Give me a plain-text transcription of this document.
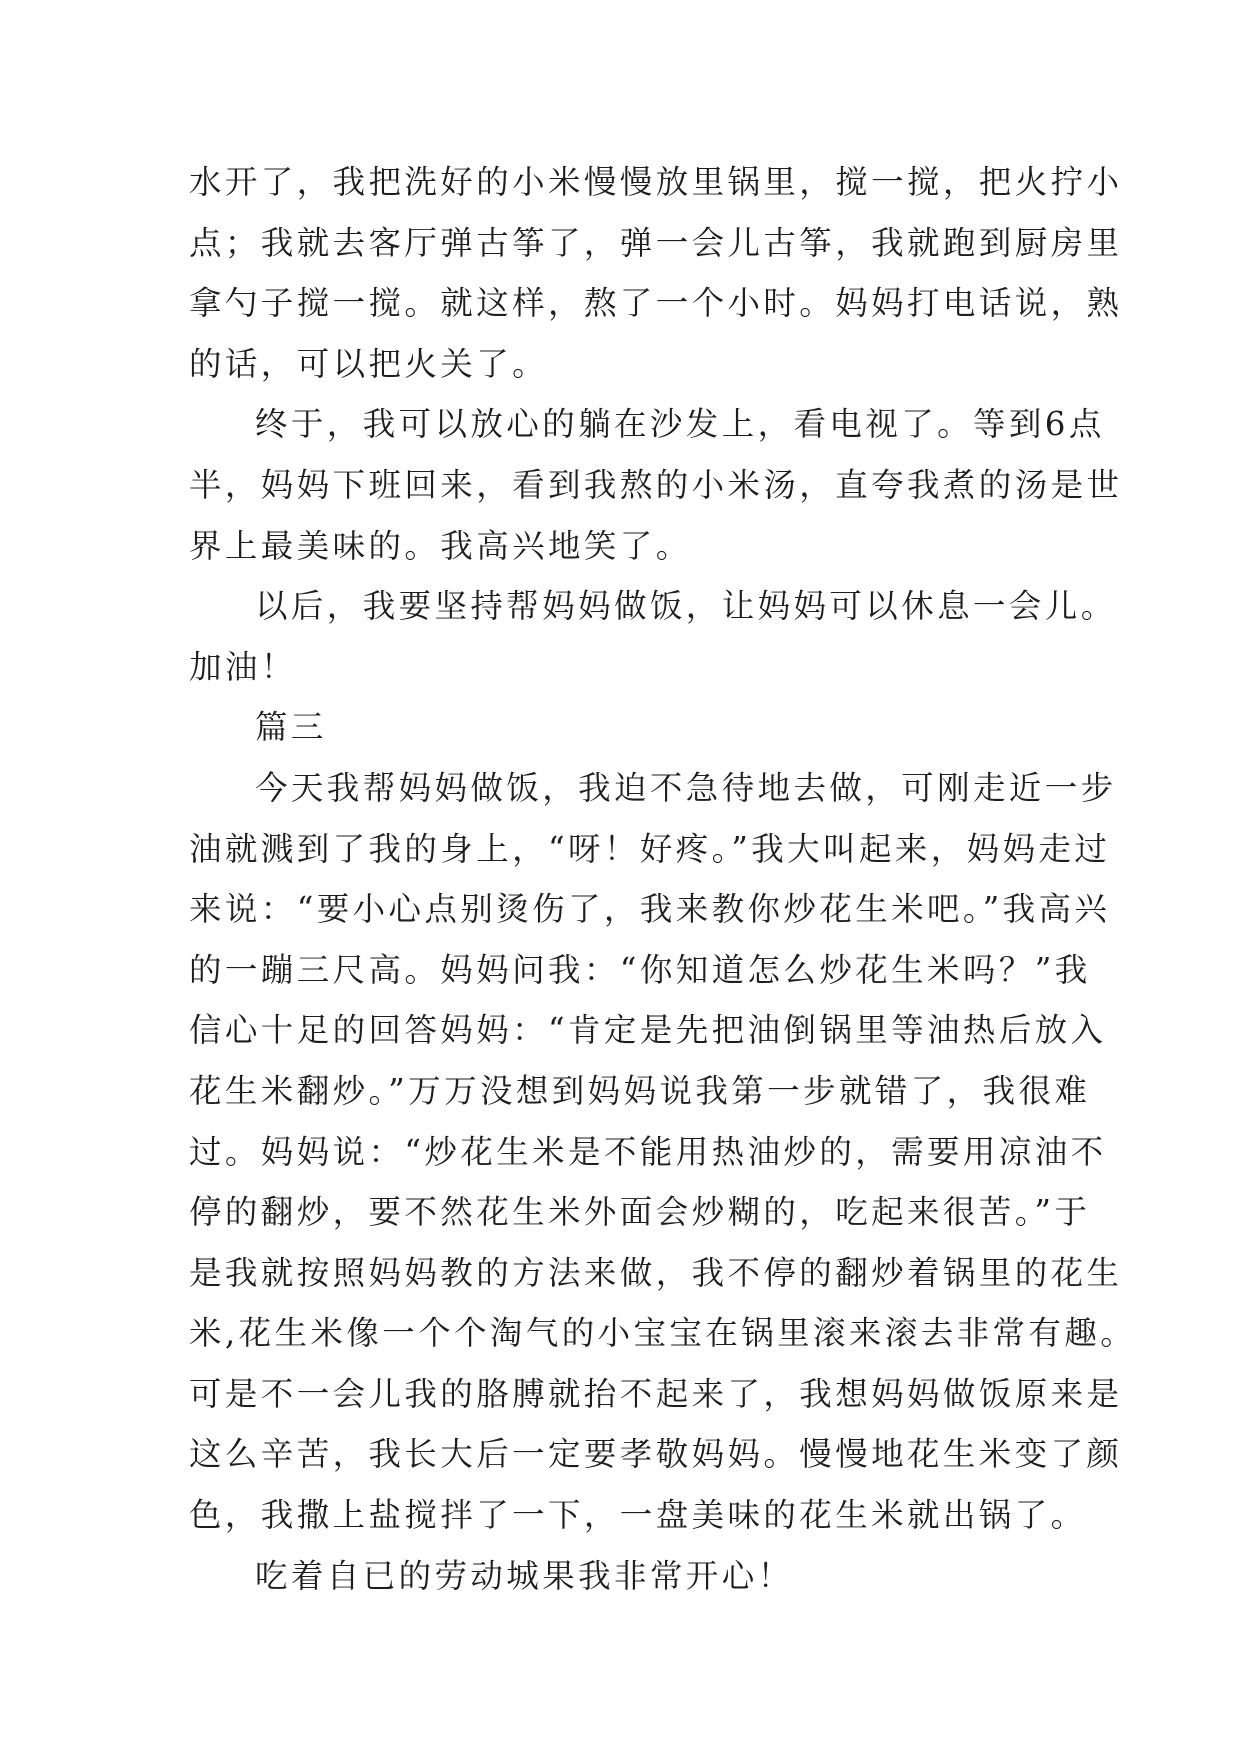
水开了，我把洗好的小米慢慢放里锅里，搅一搅，把火拧小
点；我就去客厅弹古筝了，弹一会儿古筝，我就跑到厨房里
拿勺子搅一搅。就这样，熬了一个小时。妈妈打电话说，熟
的话，可以把火关了。
终于，我可以放心的躺在沙发上，看电视了。等到6点
半，妈妈下班回来，看到我熬的小米汤，直夸我煮的汤是世
界上最美味的。我高兴地笑了。
以后，我要坚持帮妈妈做饭，让妈妈可以休息一会儿。
加油！
篇三
今天我帮妈妈做饭，我迫不急待地去做，可刚走近一步
油就溅到了我的身上，“呀！好疼。”我大叫起来，妈妈走过
来说：“要小心点别烫伤了，我来教你炒花生米吧。”我高兴
的一蹦三尺高。妈妈问我：“你知道怎么炒花生米吗？”我
信心十足的回答妈妈：“肯定是先把油倒锅里等油热后放入
花生米翻炒。”万万没想到妈妈说我第一步就错了，我很难
过。妈妈说：“炒花生米是不能用热油炒的，需要用凉油不
停的翻炒，要不然花生米外面会炒糊的，吃起来很苦。”于
是我就按照妈妈教的方法来做，我不停的翻炒着锅里的花生
米,花生米像一个个淘气的小宝宝在锅里滚来滚去非常有趣。
可是不一会儿我的胳膊就抬不起来了，我想妈妈做饭原来是
这么辛苦，我长大后一定要孝敬妈妈。慢慢地花生米变了颜
色，我撒上盐搅拌了一下，一盘美味的花生米就出锅了。
吃着自已的劳动城果我非常开心！
